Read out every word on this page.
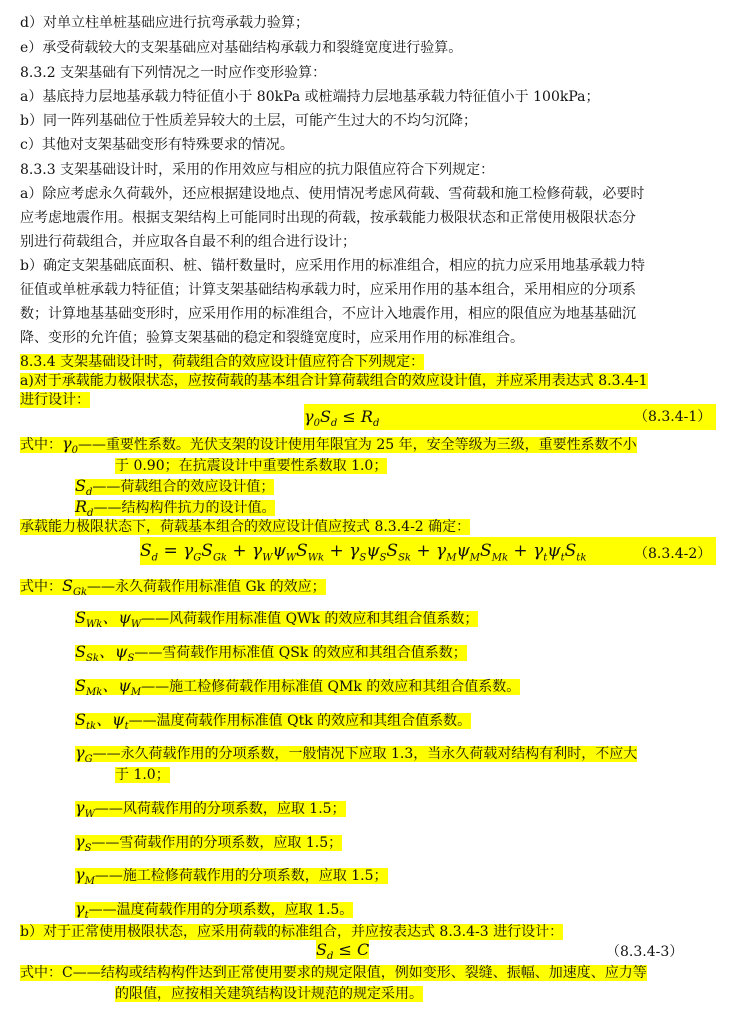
d）对单立柱单桩基础应进行抗弯承载力验算；
e）承受荷载较大的支架基础应对基础结构承载力和裂缝宽度进行验算。
8.3.2 支架基础有下列情况之一时应作变形验算：
a）基底持力层地基承载力特征值小于 80kPa 或桩端持力层地基承载力特征值小于 100kPa；
b）同一阵列基础位于性质差异较大的土层，可能产生过大的不均匀沉降；
c）其他对支架基础变形有特殊要求的情况。
8.3.3 支架基础设计时，采用的作用效应与相应的抗力限值应符合下列规定：
a）除应考虑永久荷载外，还应根据建设地点、使用情况考虑风荷载、雪荷载和施工检修荷载，必要时
应考虑地震作用。根据支架结构上可能同时出现的荷载，按承载能力极限状态和正常使用极限状态分
别进行荷载组合，并应取各自最不利的组合进行设计；
b）确定支架基础底面积、桩、锚杆数量时，应采用作用的标准组合，相应的抗力应采用地基承载力特
征值或单桩承载力特征值；计算支架基础结构承载力时，应采用作用的基本组合，采用相应的分项系
数；计算地基基础变形时，应采用作用的标准组合，不应计入地震作用，相应的限值应为地基基础沉
降、变形的允许值；验算支架基础的稳定和裂缝宽度时，应采用作用的标准组合。
8.3.4 支架基础设计时，荷载组合的效应设计值应符合下列规定：
a)对于承载能力极限状态，应按荷载的基本组合计算荷载组合的效应设计值，并应采用表达式 8.3.4-1
进行设计：
$\gamma_0S_d \le R_d$	（8.3.4-1）
式中：$\gamma_0——$重要性系数。光伏支架的设计使用年限宜为 25 年，安全等级为三级，重要性系数不小
于 0.90；在抗震设计中重要性系数取 1.0；
$S_d——$荷载组合的效应设计值；
$R_d——$结构构件抗力的设计值。
承载能力极限状态下，荷载基本组合的效应设计值应按式 8.3.4-2 确定：
$S_d = \gamma_GS_{Gk} + \gamma_W\psi_WS_{Wk} + \gamma_S\psi_SS_{Sk} + \gamma_M\psi_MS_{Mk} + \gamma_t\psi_tS_{tk}$	（8.3.4-2）
式中：$S_{Gk}——$永久荷载作用标准值 Gk 的效应；
$S_{Wk}$、$\psi_W——$风荷载作用标准值 QWk 的效应和其组合值系数；
$S_{Sk}$、$\psi_S——$雪荷载作用标准值 QSk 的效应和其组合值系数；
$S_{Mk}$、$\psi_M——$施工检修荷载作用标准值 QMk 的效应和其组合值系数。
$S_{tk}$、$\psi_t——$温度荷载作用标准值 Qtk 的效应和其组合值系数。
$\gamma_G——$永久荷载作用的分项系数，一般情况下应取 1.3，当永久荷载对结构有利时，不应大
于 1.0；
$\gamma_W——$风荷载作用的分项系数，应取 1.5；
$\gamma_S——$雪荷载作用的分项系数，应取 1.5；
$\gamma_M——$施工检修荷载作用的分项系数，应取 1.5；
$\gamma_t——$温度荷载作用的分项系数，应取 1.5。
b）对于正常使用极限状态，应采用荷载的标准组合，并应按表达式 8.3.4-3 进行设计：
$S_d \le C$	（8.3.4-3）
式中：C——结构或结构构件达到正常使用要求的规定限值，例如变形、裂缝、振幅、加速度、应力等
的限值，应按相关建筑结构设计规范的规定采用。
